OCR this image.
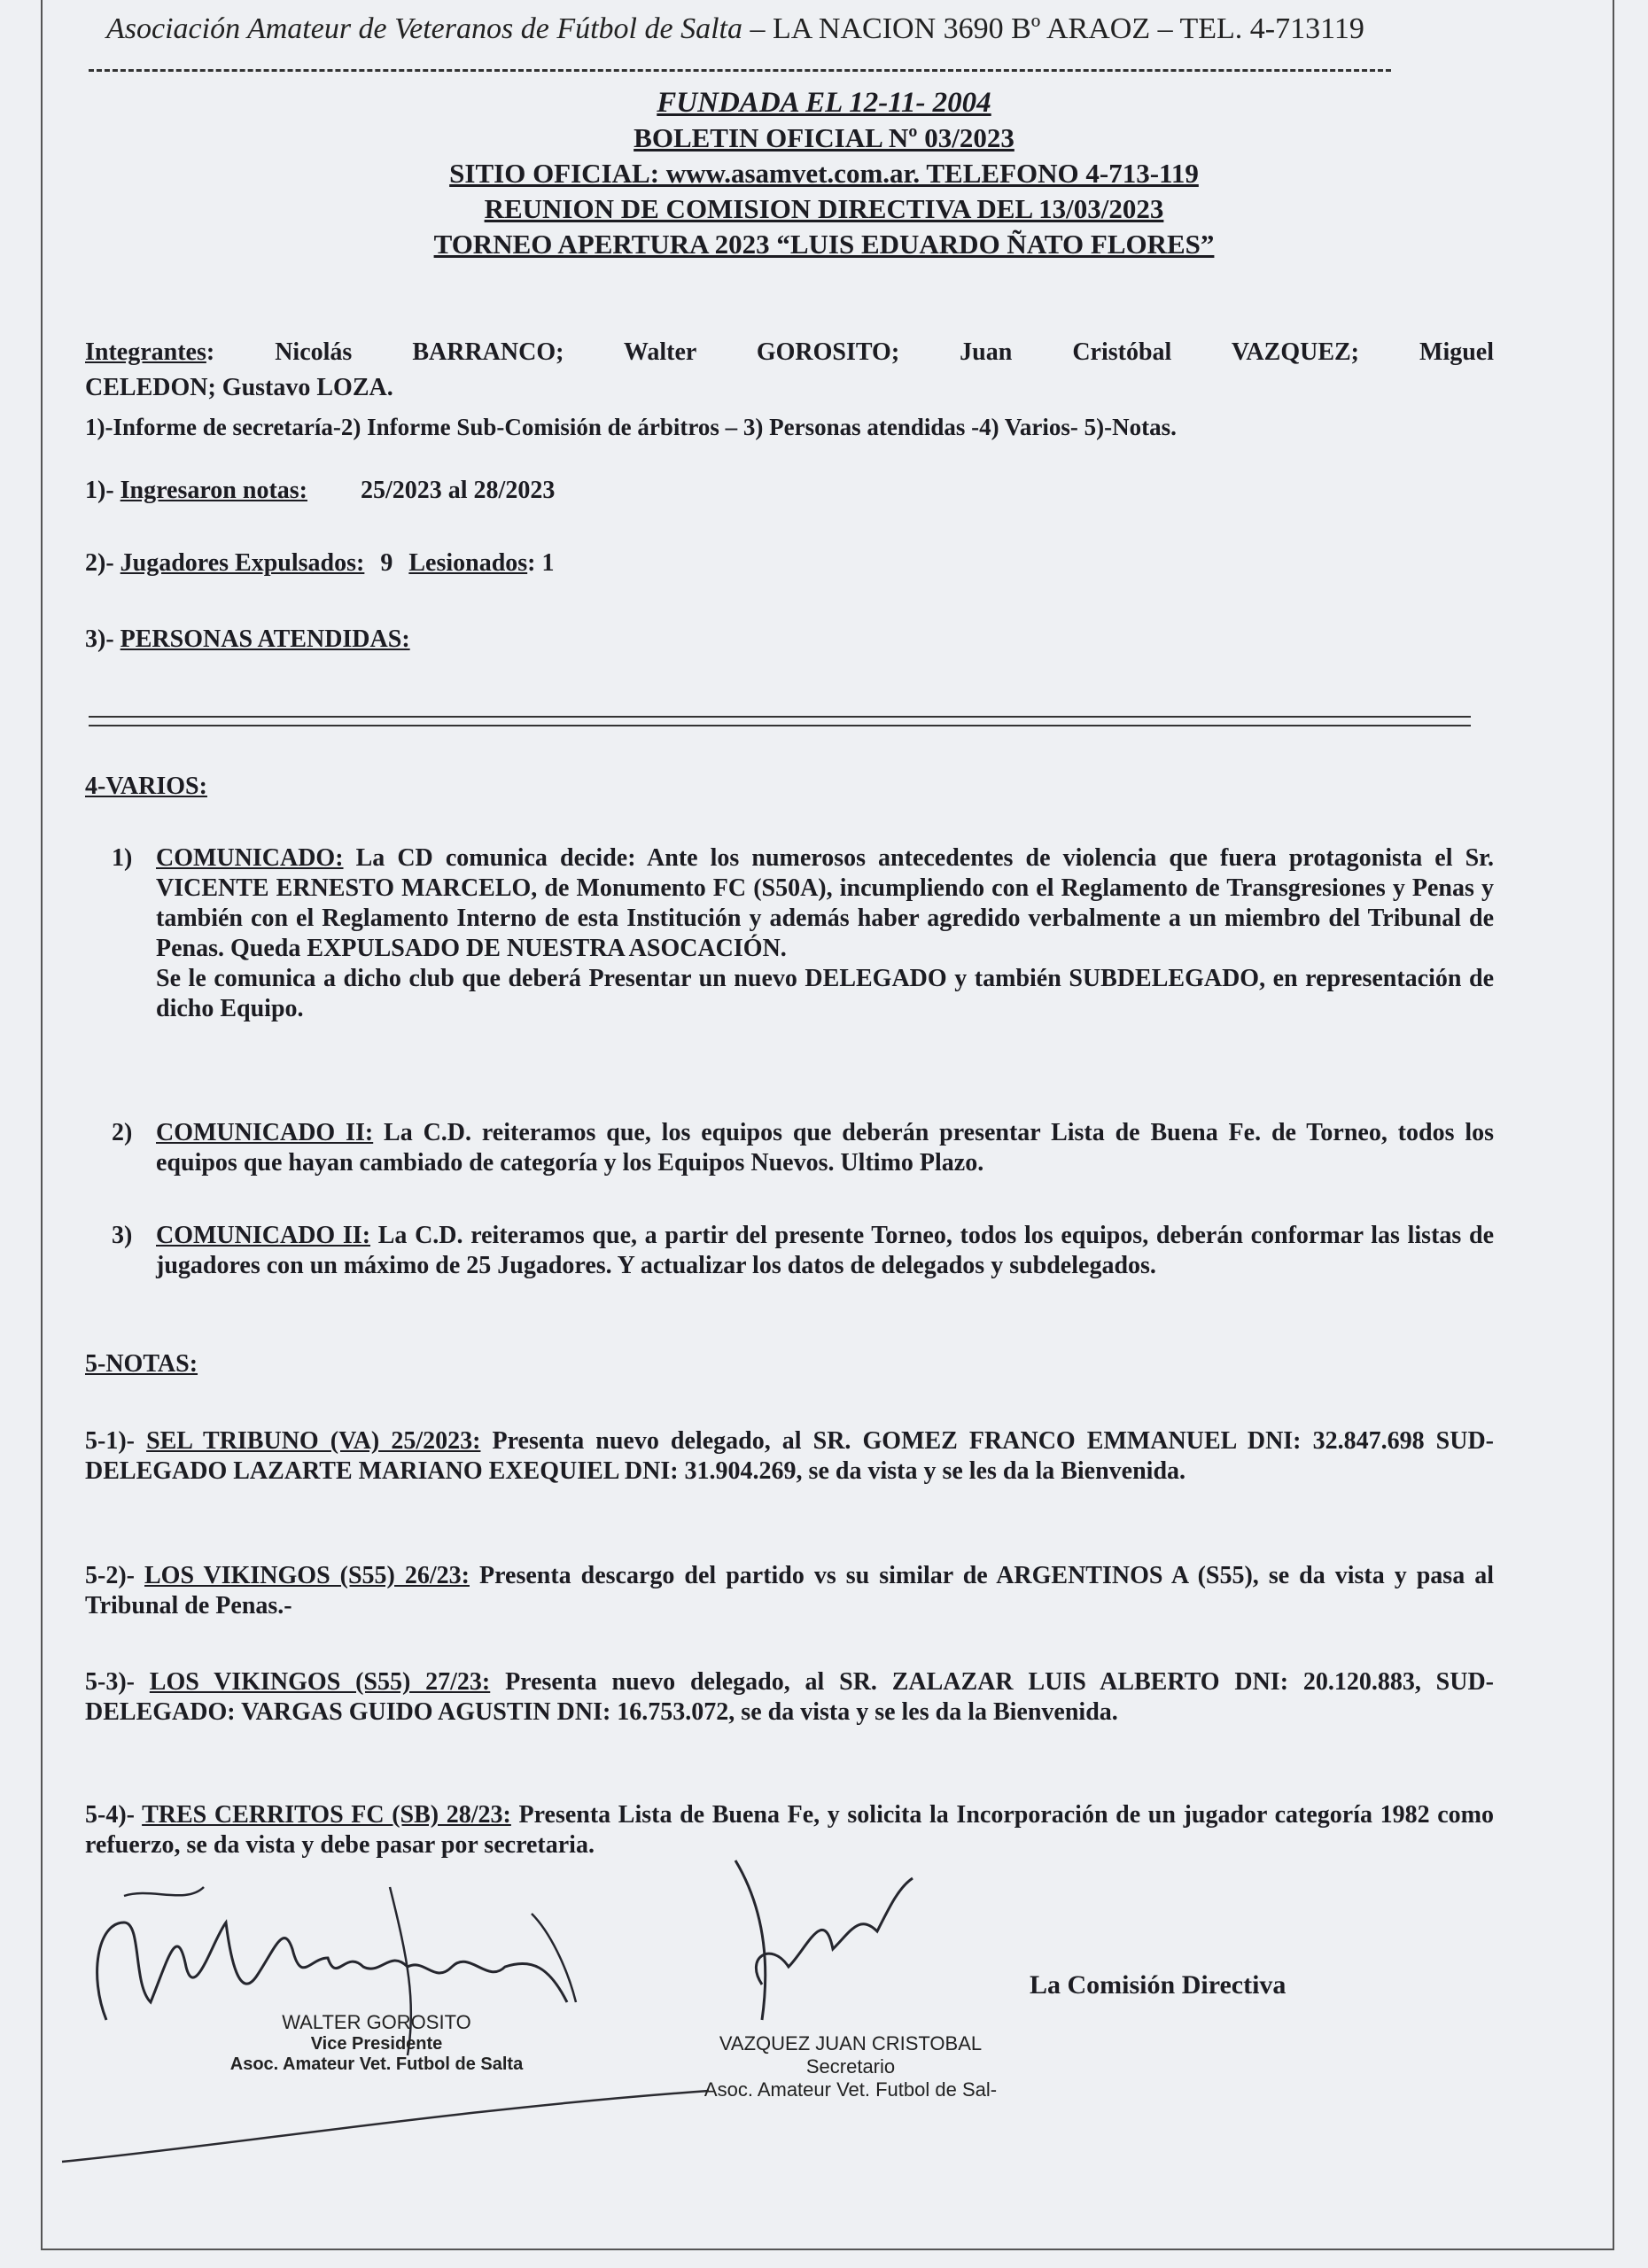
Asociación Amateur de Veteranos de Fútbol de Salta – LA NACION 3690 Bº ARAOZ – TEL. 4-713119
FUNDADA EL 12-11- 2004
BOLETIN OFICIAL Nº 03/2023
SITIO OFICIAL: www.asamvet.com.ar. TELEFONO 4-713-119
REUNION DE COMISION DIRECTIVA DEL 13/03/2023
TORNEO APERTURA 2023 “LUIS EDUARDO ÑATO FLORES”
Integrantes: Nicolás BARRANCO; Walter GOROSITO; Juan Cristóbal VAZQUEZ; Miguel
CELEDON; Gustavo LOZA.
1)-Informe de secretaría-2) Informe Sub-Comisión de árbitros – 3) Personas atendidas -4) Varios- 5)-Notas.
1)- Ingresaron notas: 25/2023 al 28/2023
2)- Jugadores Expulsados: 9 Lesionados: 1
3)- PERSONAS ATENDIDAS:
4-VARIOS:
1) COMUNICADO: La CD comunica decide: Ante los numerosos antecedentes de violencia que fuera protagonista el Sr. VICENTE ERNESTO MARCELO, de Monumento FC (S50A), incumpliendo con el Reglamento de Transgresiones y Penas y también con el Reglamento Interno de esta Institución y además haber agredido verbalmente a un miembro del Tribunal de Penas. Queda EXPULSADO DE NUESTRA ASOCACIÓN.
Se le comunica a dicho club que deberá Presentar un nuevo DELEGADO y también SUBDELEGADO, en representación de dicho Equipo.
2) COMUNICADO II: La C.D. reiteramos que, los equipos que deberán presentar Lista de Buena Fe. de Torneo, todos los equipos que hayan cambiado de categoría y los Equipos Nuevos. Ultimo Plazo.
3) COMUNICADO II: La C.D. reiteramos que, a partir del presente Torneo, todos los equipos, deberán conformar las listas de jugadores con un máximo de 25 Jugadores. Y actualizar los datos de delegados y subdelegados.
5-NOTAS:
5-1)- SEL TRIBUNO (VA) 25/2023: Presenta nuevo delegado, al SR. GOMEZ FRANCO EMMANUEL DNI: 32.847.698 SUD-DELEGADO LAZARTE MARIANO EXEQUIEL DNI: 31.904.269, se da vista y se les da la Bienvenida.
5-2)- LOS VIKINGOS (S55) 26/23: Presenta descargo del partido vs su similar de ARGENTINOS A (S55), se da vista y pasa al Tribunal de Penas.-
5-3)- LOS VIKINGOS (S55) 27/23: Presenta nuevo delegado, al SR. ZALAZAR LUIS ALBERTO DNI: 20.120.883, SUD-DELEGADO: VARGAS GUIDO AGUSTIN DNI: 16.753.072, se da vista y se les da la Bienvenida.
5-4)- TRES CERRITOS FC (SB) 28/23: Presenta Lista de Buena Fe, y solicita la Incorporación de un jugador categoría 1982 como refuerzo, se da vista y debe pasar por secretaria.
WALTER GOROSITO
Vice Presidente
Asoc. Amateur Vet. Futbol de Salta
VAZQUEZ JUAN CRISTOBAL
Secretario
Asoc. Amateur Vet. Futbol de Sal-
La Comisión Directiva
